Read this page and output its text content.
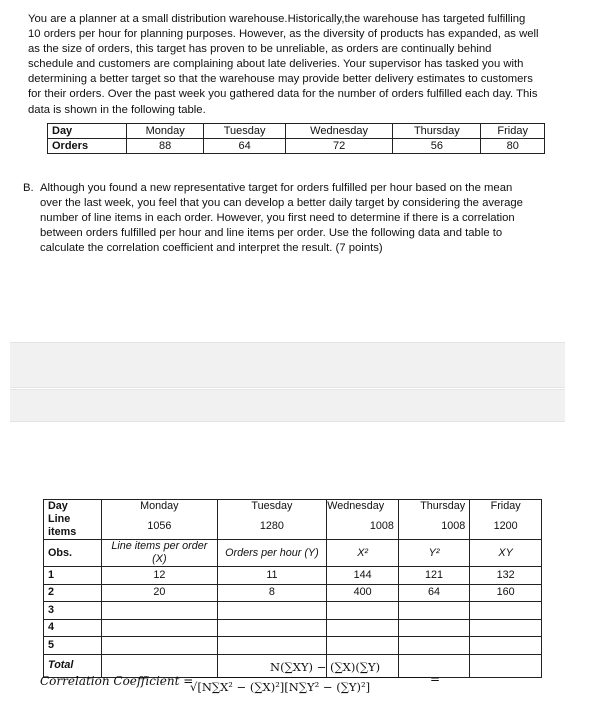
You are a planner at a small distribution warehouse.Historically,the warehouse has targeted fulfilling
10 orders per hour for planning purposes. However, as the diversity of products has expanded, as well
as the size of orders, this target has proven to be unreliable, as orders are continually behind
schedule and customers are complaining about late deliveries. Your supervisor has tasked you with
determining a better target so that the warehouse may provide better delivery estimates to customers
for their orders. Over the past week you gathered data for the number of orders fulfilled each day. This
data is shown in the following table.
Day	Monday	Tuesday	Wednesday	Thursday	Friday
Orders	88	64	72	56	80
B. Although you found a new representative target for orders fulfilled per hour based on the mean
over the last week, you feel that you can develop a better daily target by considering the average
number of line items in each order. However, you first need to determine if there is a correlation
between orders fulfilled per hour and line items per order. Use the following data and table to
calculate the correlation coefficient and interpret the result. (7 points)
Day	Monday	Tuesday	Wednesday	Thursday	Friday
Line items	1056	1280	1008	1008	1200
Obs.	Line items per order (X)	Orders per hour (Y)	X²	Y²	XY
1	12	11	144	121	132
2	20	8	400	64	160
3					
4					
5					
Total					
Correlation Coefficient =
N(∑XY) − (∑X)(∑Y)
√[N∑X² − (∑X)²][N∑Y² − (∑Y)²]
=
